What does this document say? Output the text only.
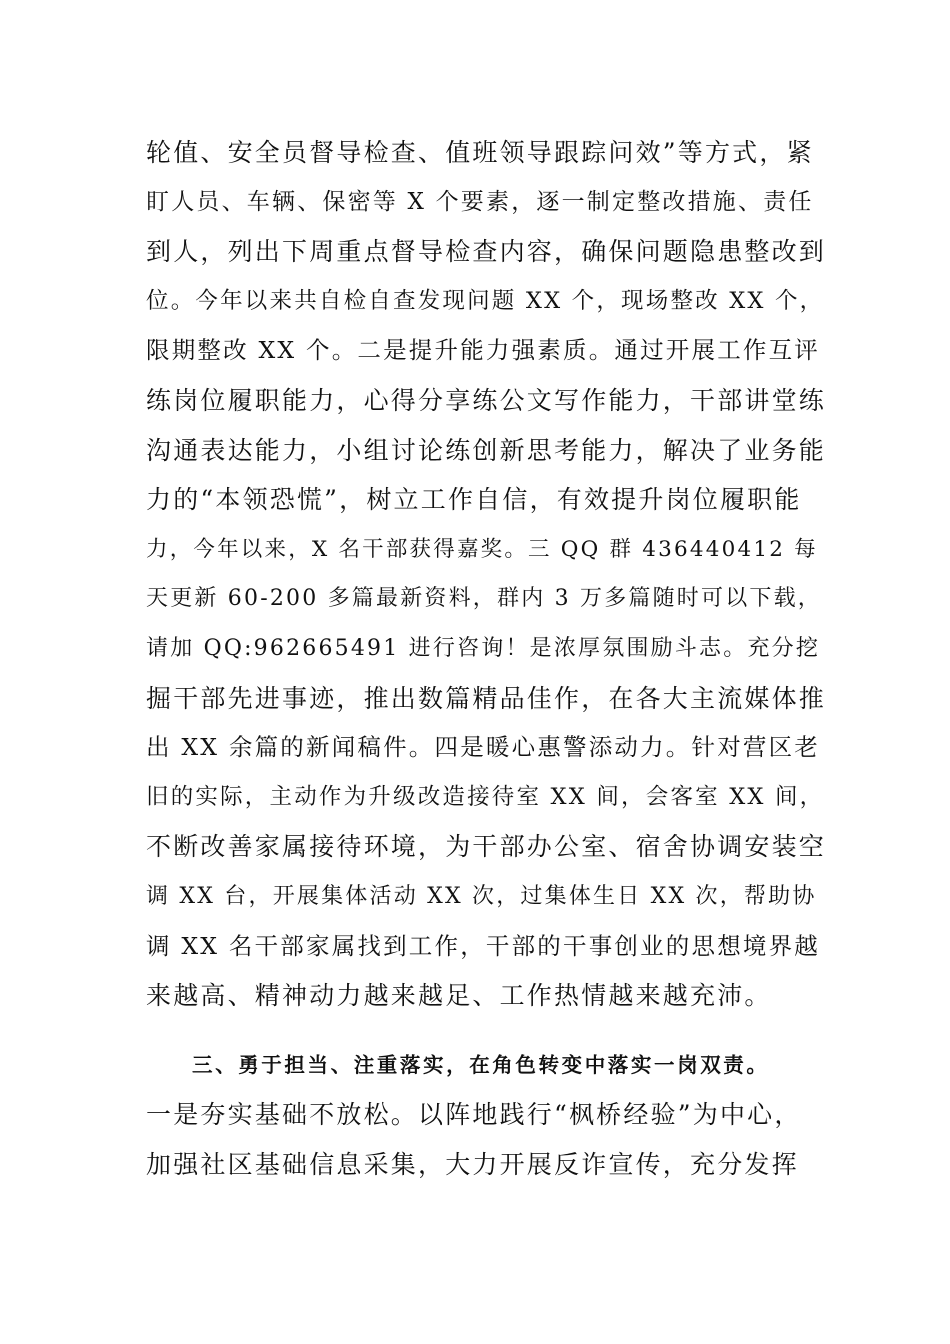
轮值、安全员督导检查、值班领导跟踪问效”等方式，紧
盯人员、车辆、保密等 X 个要素，逐一制定整改措施、责任
到人，列出下周重点督导检查内容，确保问题隐患整改到
位。今年以来共自检自查发现问题 XX 个，现场整改 XX 个，
限期整改 XX 个。二是提升能力强素质。通过开展工作互评
练岗位履职能力，心得分享练公文写作能力，干部讲堂练
沟通表达能力，小组讨论练创新思考能力，解决了业务能
力的“本领恐慌”，树立工作自信，有效提升岗位履职能
力，今年以来，X 名干部获得嘉奖。三 QQ 群 436440412 每
天更新 60-200 多篇最新资料，群内 3 万多篇随时可以下载，
请加 QQ:962665491 进行咨询！是浓厚氛围励斗志。充分挖
掘干部先进事迹，推出数篇精品佳作，在各大主流媒体推
出 XX 余篇的新闻稿件。四是暖心惠警添动力。针对营区老
旧的实际，主动作为升级改造接待室 XX 间，会客室 XX 间，
不断改善家属接待环境，为干部办公室、宿舍协调安装空
调 XX 台，开展集体活动 XX 次，过集体生日 XX 次，帮助协
调 XX 名干部家属找到工作，干部的干事创业的思想境界越
来越高、精神动力越来越足、工作热情越来越充沛。
三、勇于担当、注重落实，在角色转变中落实一岗双责。
一是夯实基础不放松。以阵地践行“枫桥经验”为中心，
加强社区基础信息采集，大力开展反诈宣传，充分发挥
